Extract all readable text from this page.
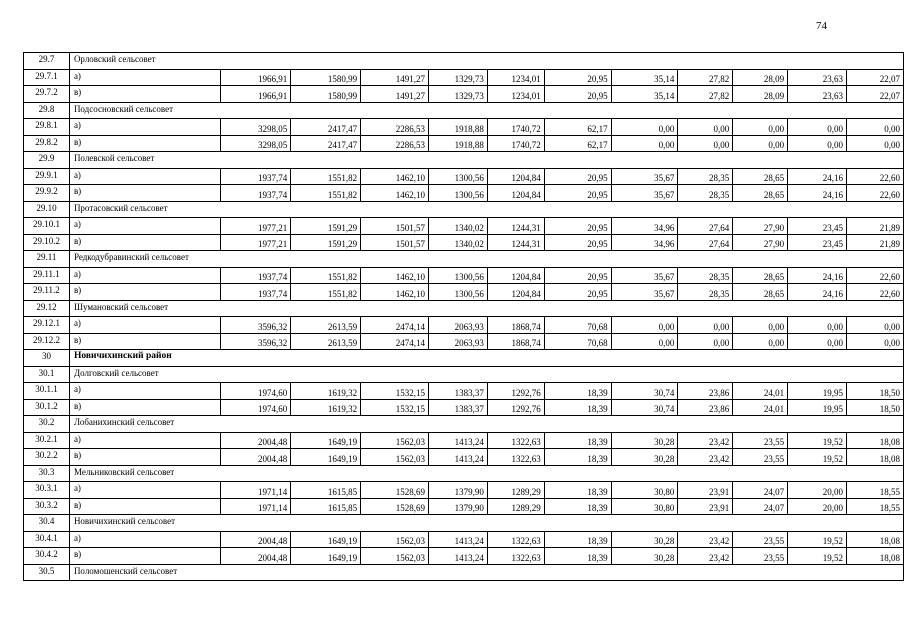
74
29.7	Орловский сельсовет											
29.7.1	а)	1966,91	1580,99	1491,27	1329,73	1234,01	20,95	35,14	27,82	28,09	23,63	22,07
29.7.2	в)	1966,91	1580,99	1491,27	1329,73	1234,01	20,95	35,14	27,82	28,09	23,63	22,07
29.8	Подсосновский сельсовет											
29.8.1	а)	3298,05	2417,47	2286,53	1918,88	1740,72	62,17	0,00	0,00	0,00	0,00	0,00
29.8.2	в)	3298,05	2417,47	2286,53	1918,88	1740,72	62,17	0,00	0,00	0,00	0,00	0,00
29.9	Полевской сельсовет											
29.9.1	а)	1937,74	1551,82	1462,10	1300,56	1204,84	20,95	35,67	28,35	28,65	24,16	22,60
29.9.2	в)	1937,74	1551,82	1462,10	1300,56	1204,84	20,95	35,67	28,35	28,65	24,16	22,60
29.10	Протасовский сельсовет											
29.10.1	а)	1977,21	1591,29	1501,57	1340,02	1244,31	20,95	34,96	27,64	27,90	23,45	21,89
29.10.2	в)	1977,21	1591,29	1501,57	1340,02	1244,31	20,95	34,96	27,64	27,90	23,45	21,89
29.11	Редкодубравинский сельсовет											
29.11.1	а)	1937,74	1551,82	1462,10	1300,56	1204,84	20,95	35,67	28,35	28,65	24,16	22,60
29.11.2	в)	1937,74	1551,82	1462,10	1300,56	1204,84	20,95	35,67	28,35	28,65	24,16	22,60
29.12	Шумановский сельсовет											
29.12.1	а)	3596,32	2613,59	2474,14	2063,93	1868,74	70,68	0,00	0,00	0,00	0,00	0,00
29.12.2	в)	3596,32	2613,59	2474,14	2063,93	1868,74	70,68	0,00	0,00	0,00	0,00	0,00
30	Новичихинский район											
30.1	Долговский сельсовет											
30.1.1	а)	1974,60	1619,32	1532,15	1383,37	1292,76	18,39	30,74	23,86	24,01	19,95	18,50
30.1.2	в)	1974,60	1619,32	1532,15	1383,37	1292,76	18,39	30,74	23,86	24,01	19,95	18,50
30.2	Лобанихинский сельсовет											
30.2.1	а)	2004,48	1649,19	1562,03	1413,24	1322,63	18,39	30,28	23,42	23,55	19,52	18,08
30.2.2	в)	2004,48	1649,19	1562,03	1413,24	1322,63	18,39	30,28	23,42	23,55	19,52	18,08
30.3	Мельниковский сельсовет											
30.3.1	а)	1971,14	1615,85	1528,69	1379,90	1289,29	18,39	30,80	23,91	24,07	20,00	18,55
30.3.2	в)	1971,14	1615,85	1528,69	1379,90	1289,29	18,39	30,80	23,91	24,07	20,00	18,55
30.4	Новичихинский сельсовет											
30.4.1	а)	2004,48	1649,19	1562,03	1413,24	1322,63	18,39	30,28	23,42	23,55	19,52	18,08
30.4.2	в)	2004,48	1649,19	1562,03	1413,24	1322,63	18,39	30,28	23,42	23,55	19,52	18,08
30.5	Поломошенский сельсовет											
